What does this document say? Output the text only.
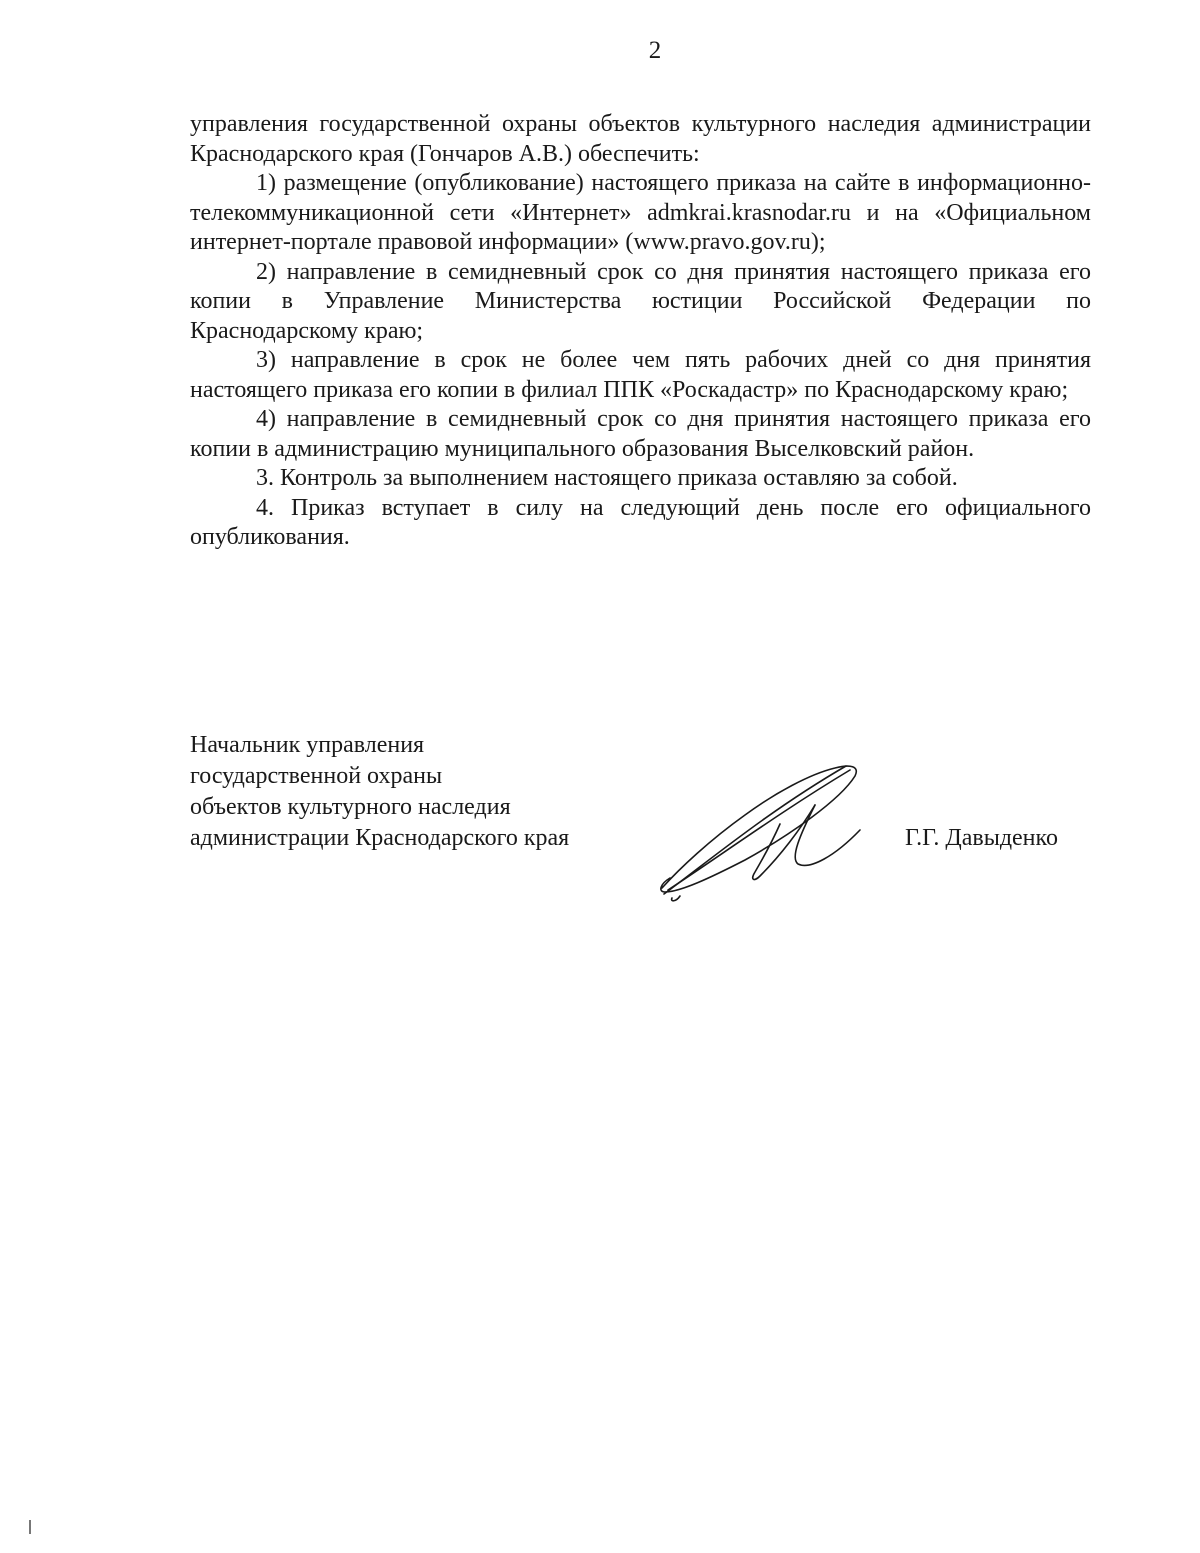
2

управления государственной охраны объектов культурного наследия администрации Краснодарского края (Гончаров А.В.) обеспечить:

1) размещение (опубликование) настоящего приказа на сайте в информационно-телекоммуникационной сети «Интернет» admkrai.krasnodar.ru и на «Официальном интернет-портале правовой информации» (www.pravo.gov.ru);

2) направление в семидневный срок со дня принятия настоящего приказа его копии в Управление Министерства юстиции Российской Федерации по Краснодарскому краю;

3) направление в срок не более чем пять рабочих дней со дня принятия настоящего приказа его копии в филиал ППК «Роскадастр» по Краснодарскому краю;

4) направление в семидневный срок со дня принятия настоящего приказа его копии в администрацию муниципального образования Выселковский район.

3. Контроль за выполнением настоящего приказа оставляю за собой.

4. Приказ вступает в силу на следующий день после его официального опубликования.

Начальник управления
государственной охраны
объектов культурного наследия
администрации Краснодарского края	Г.Г. Давыденко
